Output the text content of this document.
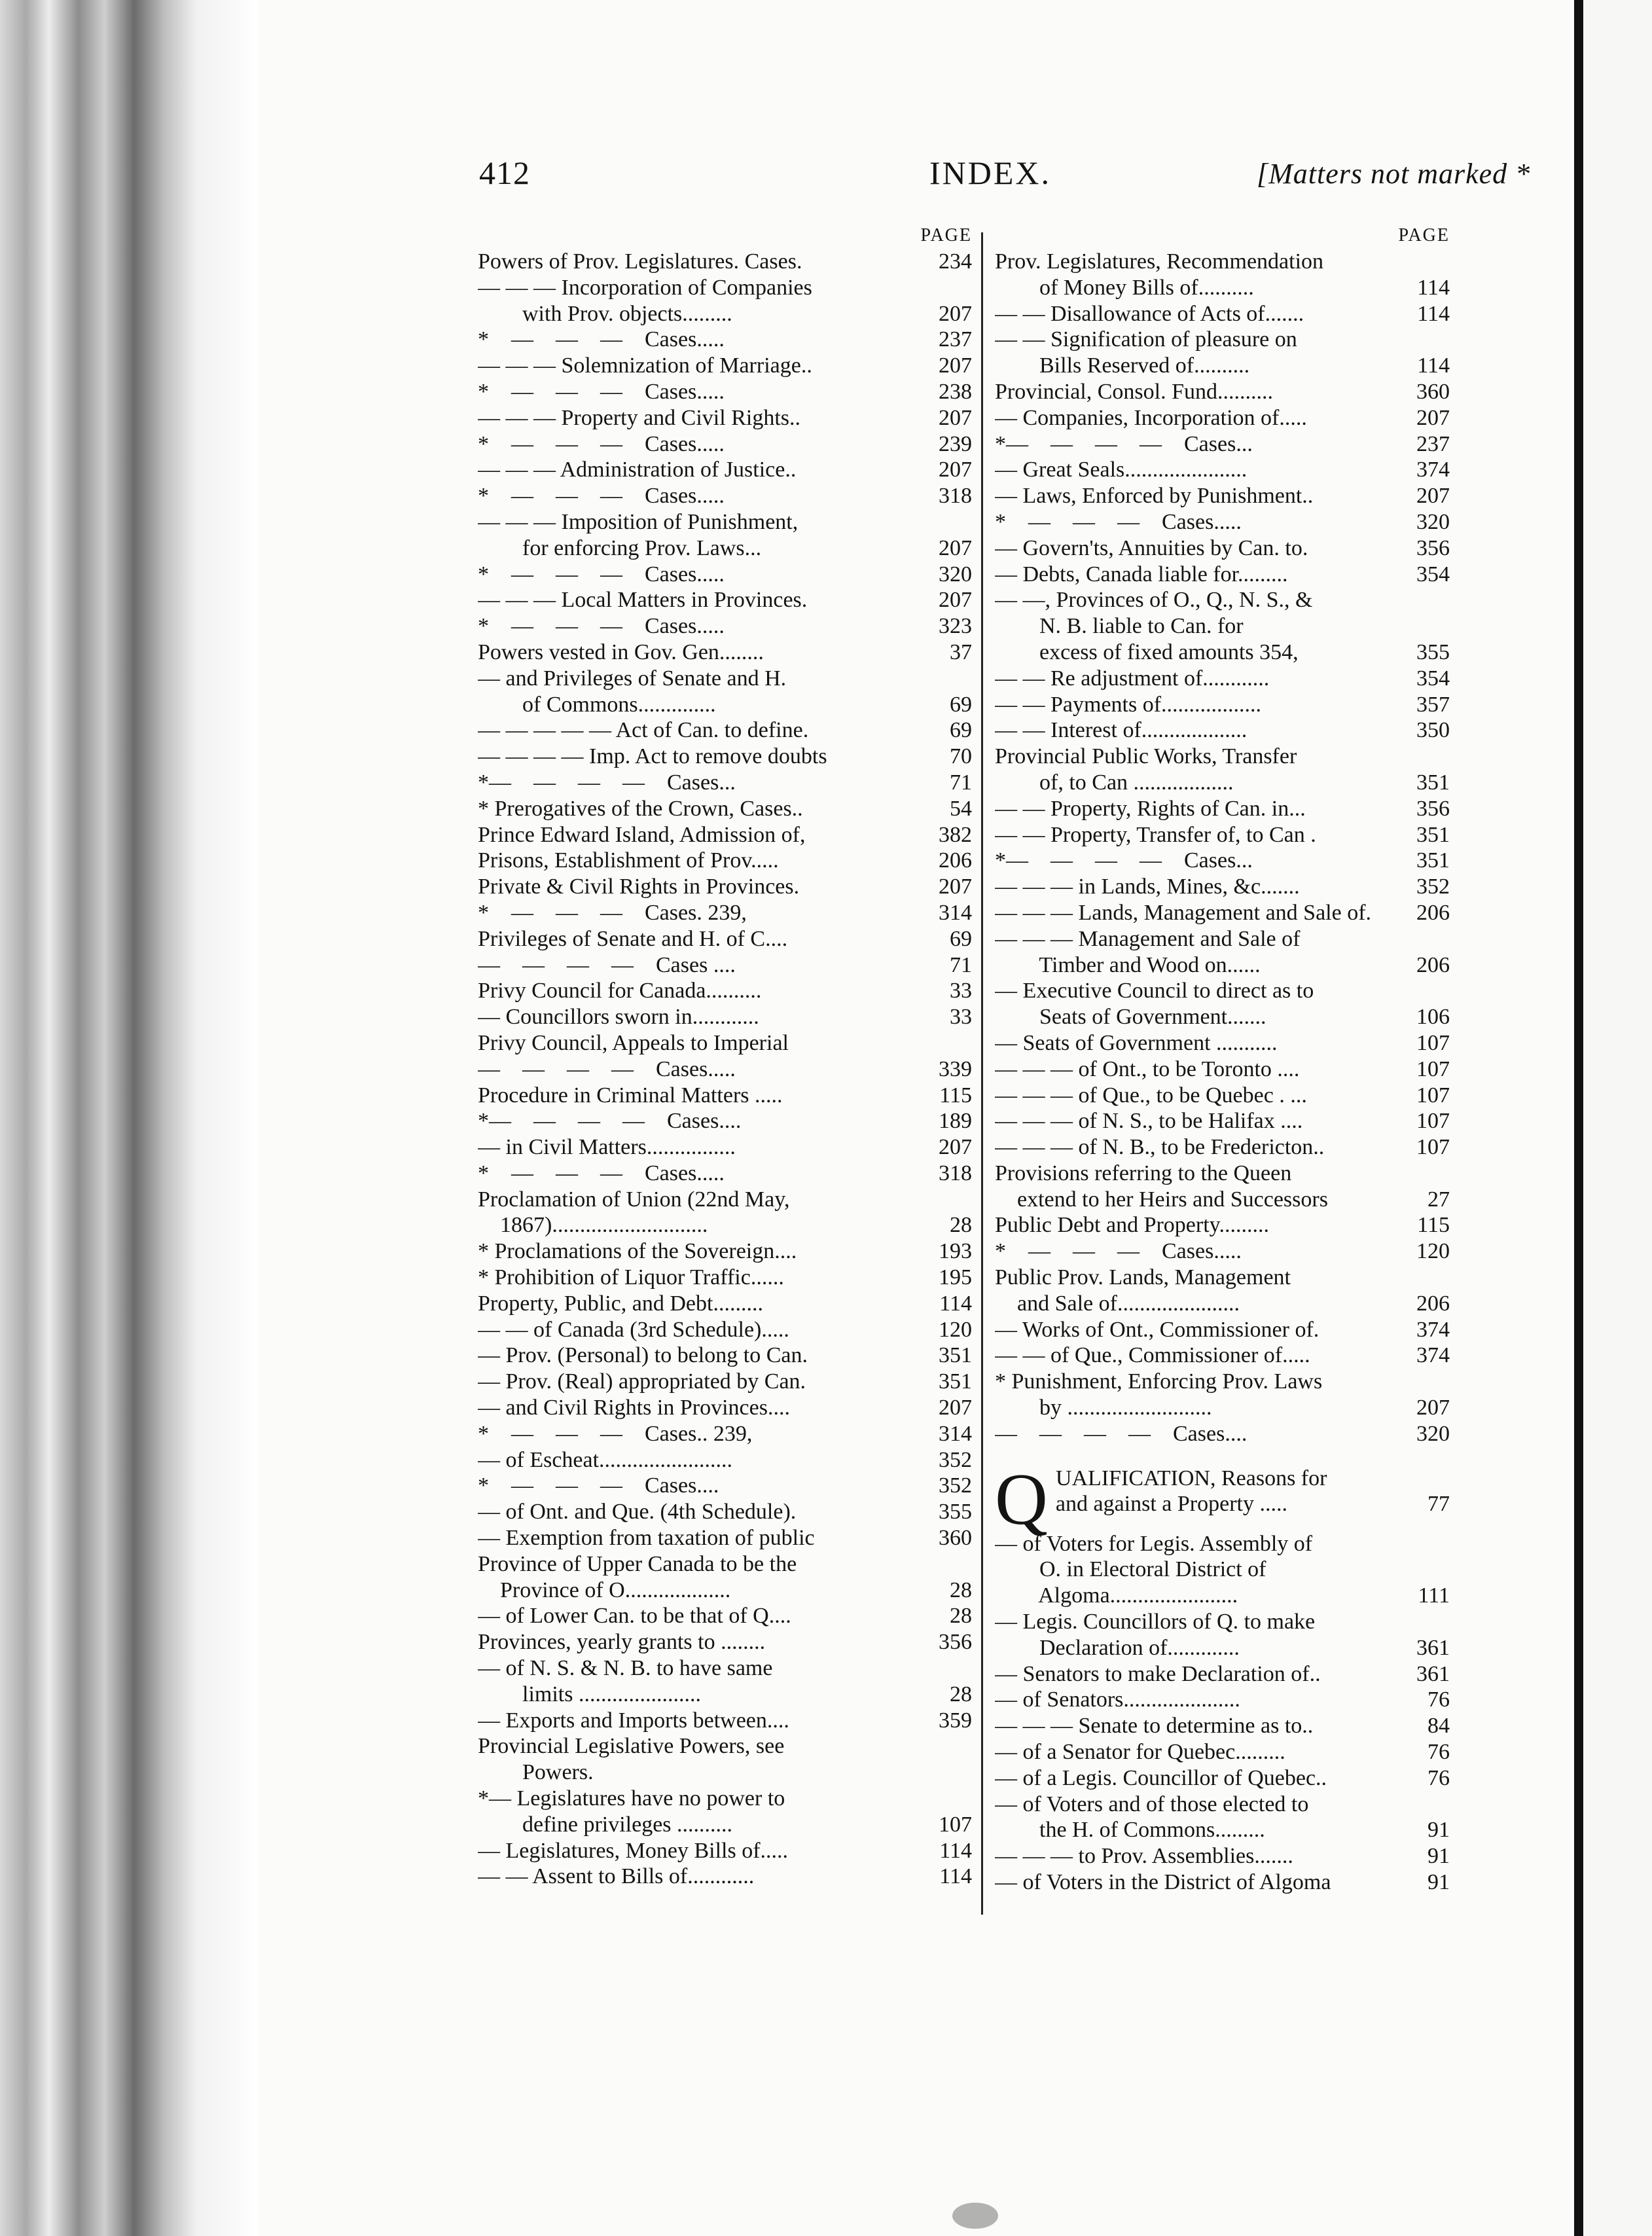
412	INDEX.	[Matters not marked *
PAGE
Powers of Prov. Legislatures. Cases.	234
— — — Incorporation of Companies
with Prov. objects.........	207
*    —    —    —    Cases.....	237
— — — Solemnization of Marriage..	207
*    —    —    —    Cases.....	238
— — — Property and Civil Rights..	207
*    —    —    —    Cases.....	239
— — — Administration of Justice..	207
*    —    —    —    Cases.....	318
— — — Imposition of Punishment,
for enforcing Prov. Laws...	207
*    —    —    —    Cases.....	320
— — — Local Matters in Provinces.	207
*    —    —    —    Cases.....	323
Powers vested in Gov. Gen........	37
— and Privileges of Senate and H.
of Commons..............	69
— — — — — Act of Can. to define.	69
— — — — Imp. Act to remove doubts	70
*—    —    —    —    Cases...	71
* Prerogatives of the Crown, Cases..	54
Prince Edward Island, Admission of,	382
Prisons, Establishment of Prov.....	206
Private & Civil Rights in Provinces.	207
*    —    —    —    Cases. 239,	314
Privileges of Senate and H. of C....	69
—    —    —    —    Cases ....	71
Privy Council for Canada..........	33
— Councillors sworn in............	33
Privy Council, Appeals to Imperial
—    —    —    —    Cases.....	339
Procedure in Criminal Matters .....	115
*—    —    —    —    Cases....	189
— in Civil Matters................	207
*    —    —    —    Cases.....	318
Proclamation of Union (22nd May,
1867)............................	28
* Proclamations of the Sovereign....	193
* Prohibition of Liquor Traffic......	195
Property, Public, and Debt.........	114
— — of Canada (3rd Schedule).....	120
— Prov. (Personal) to belong to Can.	351
— Prov. (Real) appropriated by Can.	351
— and Civil Rights in Provinces....	207
*    —    —    —    Cases.. 239,	314
— of Escheat........................	352
*    —    —    —    Cases....	352
— of Ont. and Que. (4th Schedule).	355
— Exemption from taxation of public	360
Province of Upper Canada to be the
Province of O...................	28
— of Lower Can. to be that of Q....	28
Provinces, yearly grants to ........	356
— of N. S. & N. B. to have same
limits ......................	28
— Exports and Imports between....	359
Provincial Legislative Powers, see
Powers.
*— Legislatures have no power to
define privileges ..........	107
— Legislatures, Money Bills of.....	114
— — Assent to Bills of............	114
PAGE
Prov. Legislatures, Recommendation
of Money Bills of..........	114
— — Disallowance of Acts of.......	114
— — Signification of pleasure on
Bills Reserved of..........	114
Provincial, Consol. Fund..........	360
— Companies, Incorporation of.....	207
*—    —    —    —    Cases...	237
— Great Seals......................	374
— Laws, Enforced by Punishment..	207
*    —    —    —    Cases.....	320
— Govern'ts, Annuities by Can. to.	356
— Debts, Canada liable for.........	354
— —, Provinces of O., Q., N. S., &
N. B. liable to Can. for
excess of fixed amounts 354,	355
— — Re adjustment of............	354
— — Payments of..................	357
— — Interest of...................	350
Provincial Public Works, Transfer
of, to Can ..................	351
— — Property, Rights of Can. in...	356
— — Property, Transfer of, to Can .	351
*—    —    —    —    Cases...	351
— — — in Lands, Mines, &c.......	352
— — — Lands, Management and Sale of.	206
— — — Management and Sale of
Timber and Wood on......	206
— Executive Council to direct as to
Seats of Government.......	106
— Seats of Government ...........	107
— — — of Ont., to be Toronto ....	107
— — — of Que., to be Quebec . ...	107
— — — of N. S., to be Halifax ....	107
— — — of N. B., to be Fredericton..	107
Provisions referring to the Queen
extend to her Heirs and Successors	27
Public Debt and Property.........	115
*    —    —    —    Cases.....	120
Public Prov. Lands, Management
and Sale of......................	206
— Works of Ont., Commissioner of.	374
— — of Que., Commissioner of.....	374
* Punishment, Enforcing Prov. Laws
by ..........................	207
—    —    —    —    Cases....	320
Q UALIFICATION, Reasons for
and against a Property .....	77
— of Voters for Legis. Assembly of
O. in Electoral District of
Algoma.......................	111
— Legis. Councillors of Q. to make
Declaration of.............	361
— Senators to make Declaration of..	361
— of Senators.....................	76
— — — Senate to determine as to..	84
— of a Senator for Quebec.........	76
— of a Legis. Councillor of Quebec..	76
— of Voters and of those elected to
the H. of Commons.........	91
— — — to Prov. Assemblies.......	91
— of Voters in the District of Algoma	91
